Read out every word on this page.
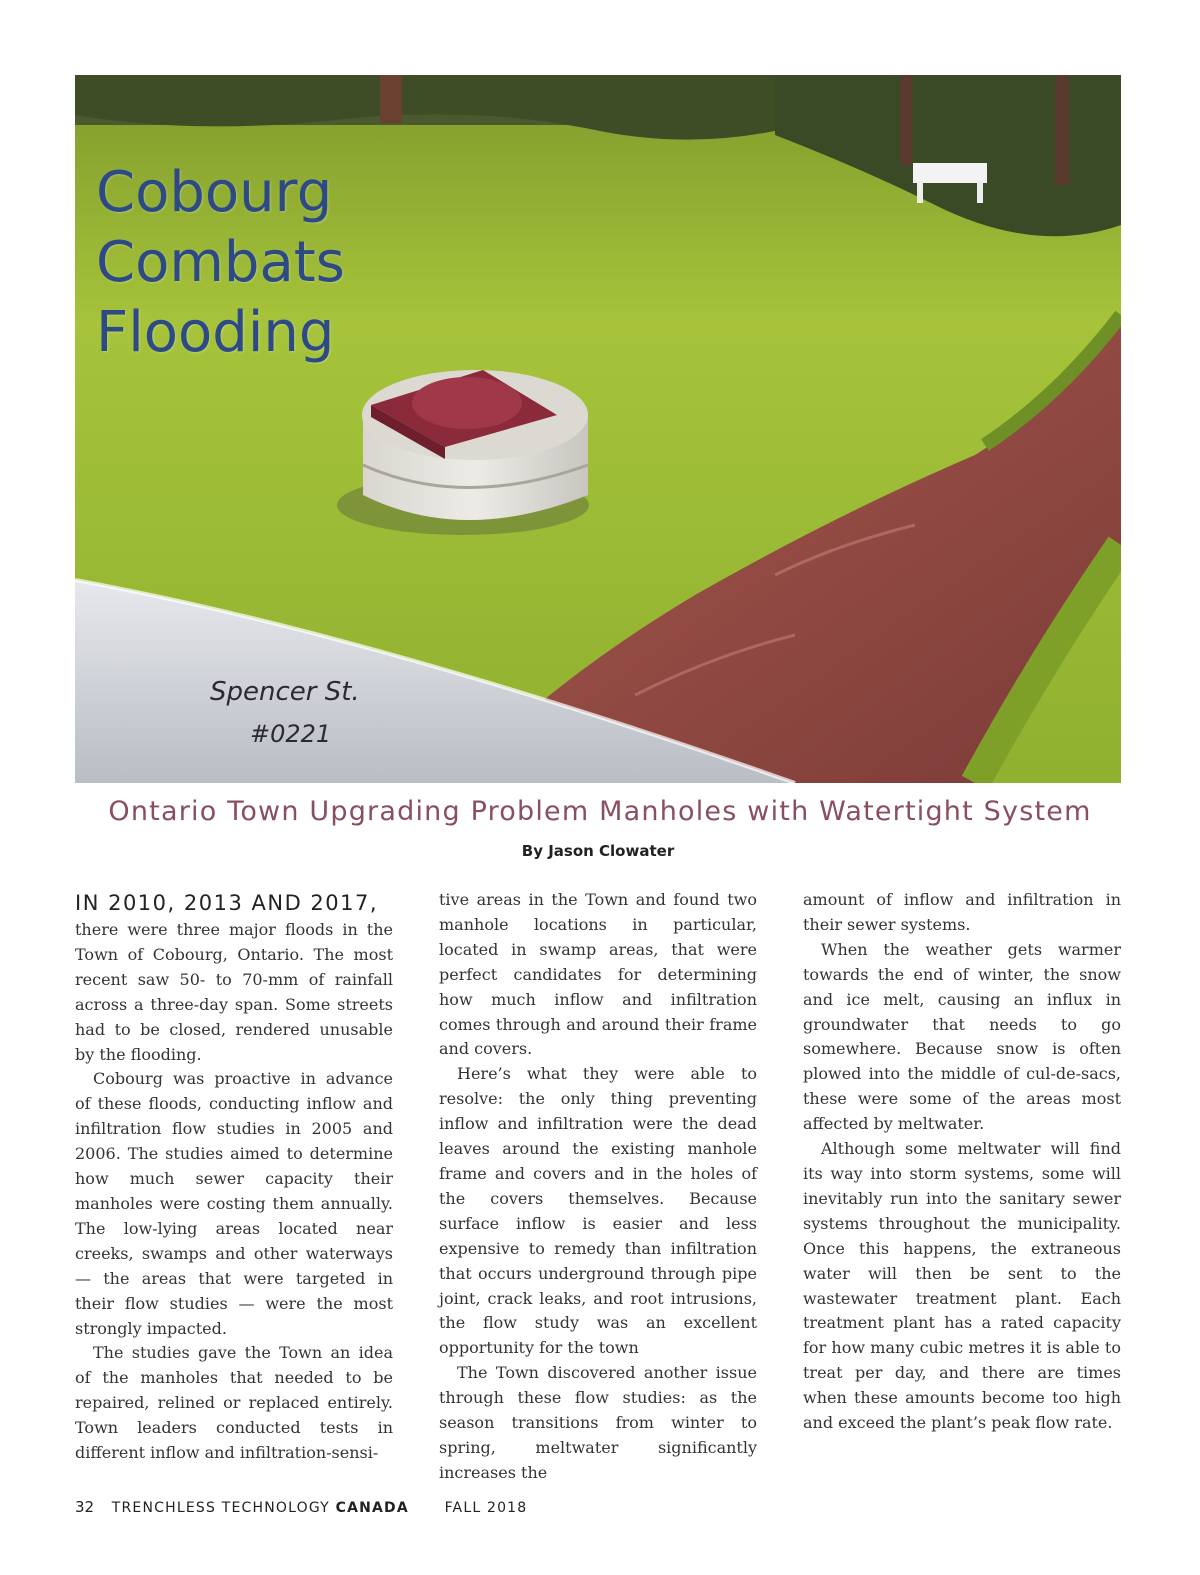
Spencer St.
#0221
Cobourg
Combats
Flooding
Ontario Town Upgrading Problem Manholes with Watertight System
By Jason Clowater
IN 2010, 2013 AND 2017,

there were three major floods in the Town of Cobourg, Ontario. The most recent saw 50- to 70-mm of rainfall across a three-day span. Some streets had to be closed, rendered unusable by the flooding.

Cobourg was proactive in advance of these floods, conducting inflow and infiltration flow studies in 2005 and 2006. The studies aimed to determine how much sewer capacity their manholes were costing them annually. The low-lying areas located near creeks, swamps and other waterways — the areas that were targeted in their flow studies — were the most strongly impacted.

The studies gave the Town an idea of the manholes that needed to be repaired, relined or replaced entirely. Town leaders conducted tests in different inflow and infiltration-sensi-

tive areas in the Town and found two manhole locations in particular, located in swamp areas, that were perfect candidates for determining how much inflow and infiltration comes through and around their frame and covers.

Here’s what they were able to resolve: the only thing preventing inflow and infiltration were the dead leaves around the existing manhole frame and covers and in the holes of the covers themselves. Because surface inflow is easier and less expensive to remedy than infiltration that occurs underground through pipe joint, crack leaks, and root intrusions, the flow study was an excellent opportunity for the town

The Town discovered another issue through these flow studies: as the season transitions from winter to spring, meltwater significantly increases the

amount of inflow and infiltration in their sewer systems.

When the weather gets warmer towards the end of winter, the snow and ice melt, causing an influx in groundwater that needs to go somewhere. Because snow is often plowed into the middle of cul-de-sacs, these were some of the areas most affected by meltwater.

Although some meltwater will find its way into storm systems, some will inevitably run into the sanitary sewer systems throughout the municipality. Once this happens, the extraneous water will then be sent to the wastewater treatment plant. Each treatment plant has a rated capacity for how many cubic metres it is able to treat per day, and there are times when these amounts become too high and exceed the plant’s peak flow rate.

32 TRENCHLESS TECHNOLOGY CANADA	FALL 2018
